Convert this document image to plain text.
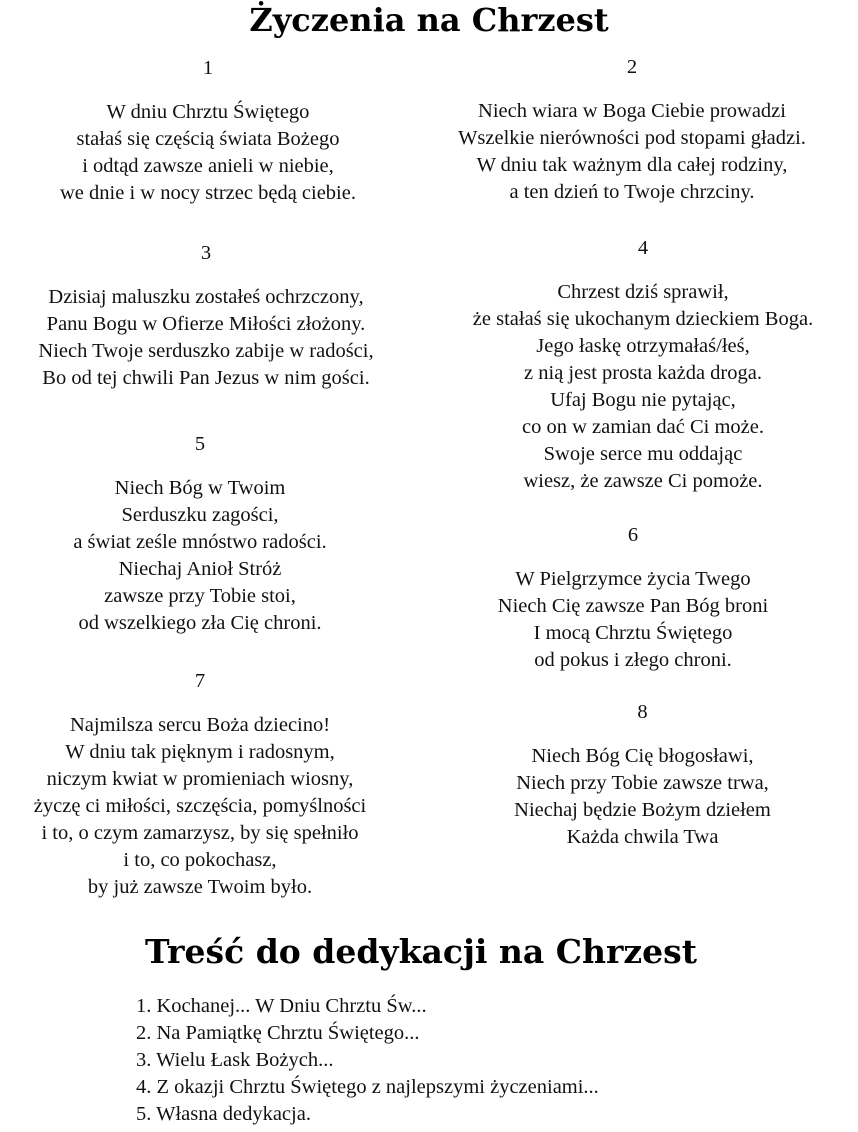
Życzenia na Chrzest
1
W dniu Chrztu Świętego
stałaś się częścią świata Bożego
i odtąd zawsze anieli w niebie,
we dnie i w nocy strzec będą ciebie.
2
Niech wiara w Boga Ciebie prowadzi
Wszelkie nierówności pod stopami gładzi.
W dniu tak ważnym dla całej rodziny,
a ten dzień to Twoje chrzciny.
3
Dzisiaj maluszku zostałeś ochrzczony,
Panu Bogu w Ofierze Miłości złożony.
Niech Twoje serduszko zabije w radości,
Bo od tej chwili Pan Jezus w nim gości.
4
Chrzest dziś sprawił,
że stałaś się ukochanym dzieckiem Boga.
Jego łaskę otrzymałaś/łeś,
z nią jest prosta każda droga.
Ufaj Bogu nie pytając,
co on w zamian dać Ci może.
Swoje serce mu oddając
wiesz, że zawsze Ci pomoże.
5
Niech Bóg w Twoim
Serduszku zagości,
a świat ześle mnóstwo radości.
Niechaj Anioł Stróż
zawsze przy Tobie stoi,
od wszelkiego zła Cię chroni.
6
W Pielgrzymce życia Twego
Niech Cię zawsze Pan Bóg broni
I mocą Chrztu Świętego
od pokus i złego chroni.
7
Najmilsza sercu Boża dziecino!
W dniu tak pięknym i radosnym,
niczym kwiat w promieniach wiosny,
życzę ci miłości, szczęścia, pomyślności
i to, o czym zamarzysz, by się spełniło
i to, co pokochasz,
by już zawsze Twoim było.
8
Niech Bóg Cię błogosławi,
Niech przy Tobie zawsze trwa,
Niechaj będzie Bożym dziełem
Każda chwila Twa
Treść do dedykacji na Chrzest
1. Kochanej... W Dniu Chrztu Św...
2. Na Pamiątkę Chrztu Świętego...
3. Wielu Łask Bożych...
4. Z okazji Chrztu Świętego z najlepszymi życzeniami...
5. Własna dedykacja.
